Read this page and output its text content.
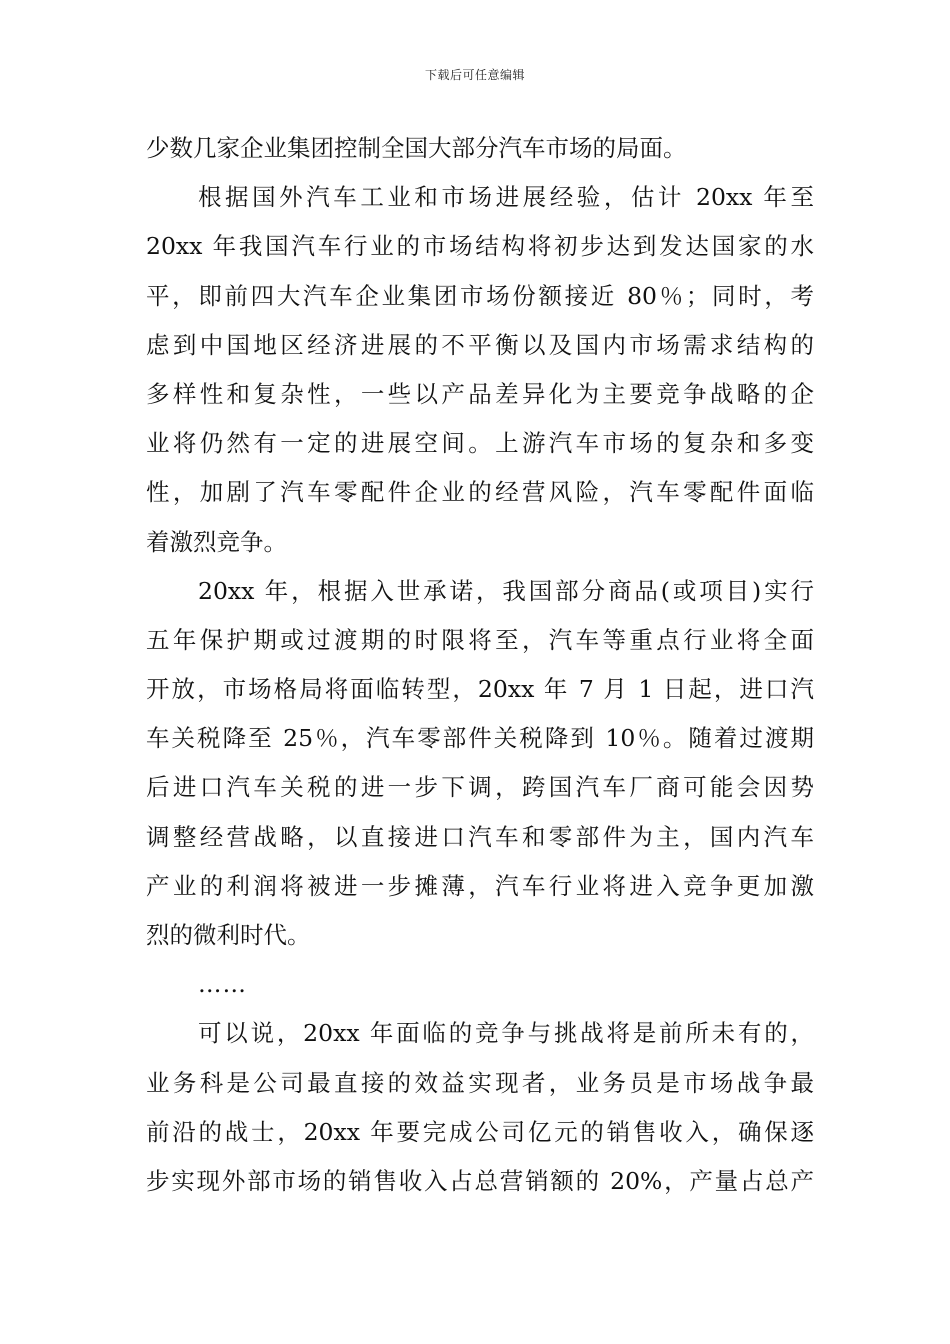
下载后可任意编辑
少数几家企业集团控制全国大部分汽车市场的局面。
根据国外汽车工业和市场进展经验，估计 20xx 年至
20xx 年我国汽车行业的市场结构将初步达到发达国家的水
平，即前四大汽车企业集团市场份额接近 80％；同时，考
虑到中国地区经济进展的不平衡以及国内市场需求结构的
多样性和复杂性，一些以产品差异化为主要竞争战略的企
业将仍然有一定的进展空间。上游汽车市场的复杂和多变
性，加剧了汽车零配件企业的经营风险，汽车零配件面临
着激烈竞争。
20xx 年，根据入世承诺，我国部分商品(或项目)实行
五年保护期或过渡期的时限将至，汽车等重点行业将全面
开放，市场格局将面临转型，20xx 年 7 月 1 日起，进口汽
车关税降至 25％，汽车零部件关税降到 10％。随着过渡期
后进口汽车关税的进一步下调，跨国汽车厂商可能会因势
调整经营战略，以直接进口汽车和零部件为主，国内汽车
产业的利润将被进一步摊薄，汽车行业将进入竞争更加激
烈的微利时代。
……
可以说，20xx 年面临的竞争与挑战将是前所未有的，
业务科是公司最直接的效益实现者，业务员是市场战争最
前沿的战士，20xx 年要完成公司亿元的销售收入，确保逐
步实现外部市场的销售收入占总营销额的 20%，产量占总产
